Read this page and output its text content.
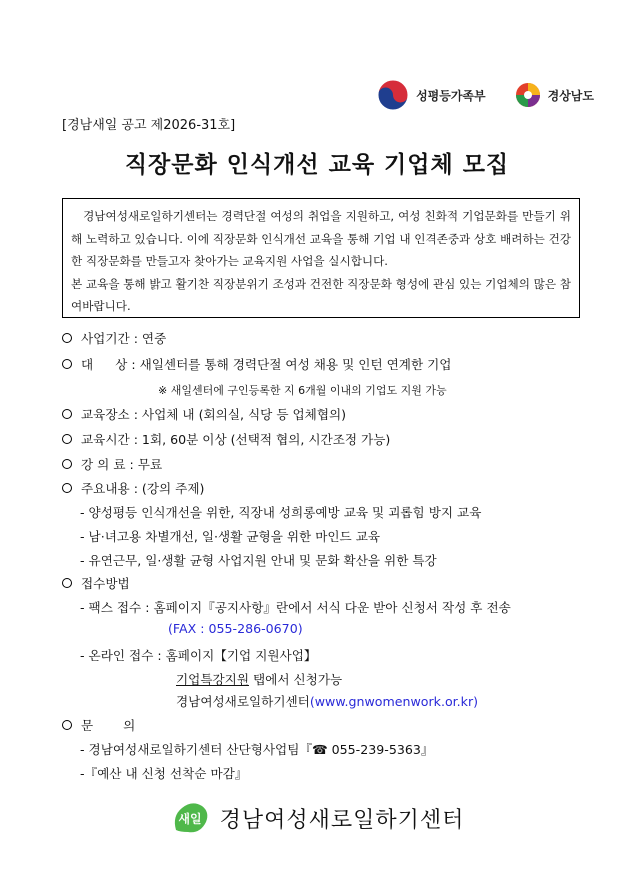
성평등가족부	경상남도
[경남새일 공고 제2026-31호]
직장문화 인식개선 교육 기업체 모집

경남여성새로일하기센터는 경력단절 여성의 취업을 지원하고, 여성 친화적 기업문화를 만들기 위해 노력하고 있습니다. 이에 직장문화 인식개선 교육을 통해 기업 내 인격존중과 상호 배려하는 건강한 직장문화를 만들고자 찾아가는 교육지원 사업을 실시합니다.

본 교육을 통해 밝고 활기찬 직장분위기 조성과 건전한 직장문화 형성에 관심 있는 기업체의 많은 참여바랍니다.

사업기간
: 연중
대 상
: 새일센터를 통해 경력단절 여성 채용 및 인턴 연계한 기업
※ 새일센터에 구인등록한 지 6개월 이내의 기업도 지원 가능
교육장소
: 사업체 내 (회의실, 식당 등 업체협의)
교육시간
: 1회, 60분 이상 (선택적 협의, 시간조정 가능)
강 의 료
: 무료
주요내용
: (강의 주제)
- 양성평등 인식개선을 위한, 직장내 성희롱예방 교육 및 괴롭힘 방지 교육
- 남·녀고용 차별개선, 일·생활 균형을 위한 마인드 교육
- 유연근무, 일·생활 균형 사업지원 안내 및 문화 확산을 위한 특강
접수방법
- 팩스 접수 : 홈페이지『공지사항』란에서 서식 다운 받아 신청서 작성 후 전송
(FAX : 055-286-0670)
- 온라인 접수 : 홈페이지【기업 지원사업】
기업특강지원 탭에서 신청가능
경남여성새로일하기센터(www.gnwomenwork.or.kr)
문 의
- 경남여성새로일하기센터 산단형사업팀『☎ 055-239-5363』
-『예산 내 신청 선착순 마감』
새일 경남여성새로일하기센터
